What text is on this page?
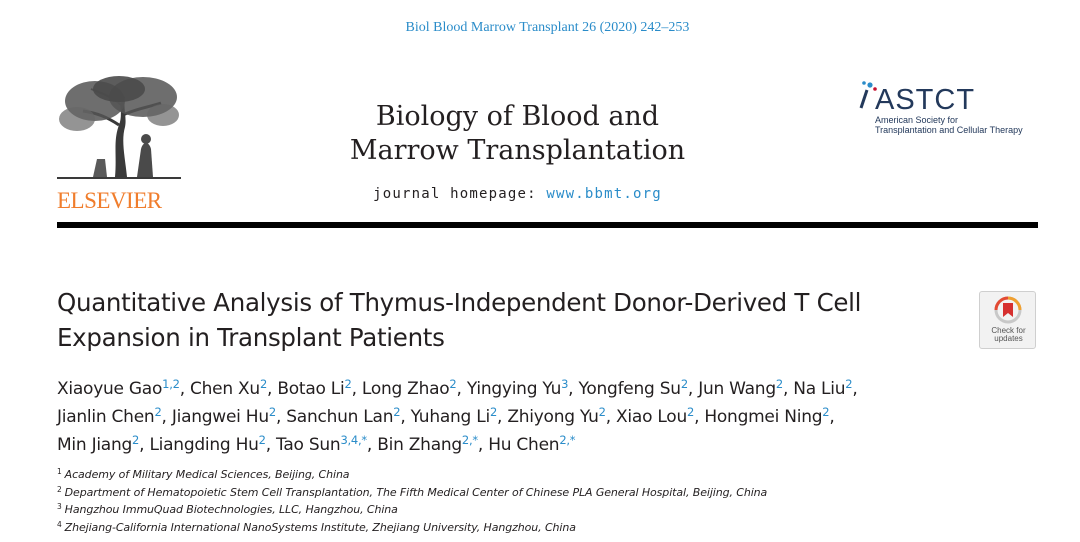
Biol Blood Marrow Transplant 26 (2020) 242–253
ELSEVIER
Biology of Blood and
Marrow Transplantation
journal homepage: www.bbmt.org
ASTCT
American Society for
Transplantation and Cellular Therapy
Quantitative Analysis of Thymus-Independent Donor-Derived T Cell
Expansion in Transplant Patients	Check for
updates
Xiaoyue Gao$^{1,2}$, Chen Xu$^2$, Botao Li$^2$, Long Zhao$^2$, Yingying Yu$^3$, Yongfeng Su$^2$, Jun Wang$^2$, Na Liu$^2$,
Jianlin Chen$^2$, Jiangwei Hu$^2$, Sanchun Lan$^2$, Yuhang Li$^2$, Zhiyong Yu$^2$, Xiao Lou$^2$, Hongmei Ning$^2$,
Min Jiang$^2$, Liangding Hu$^2$, Tao Sun$^{3,4,*}$, Bin Zhang$^{2,*}$, Hu Chen$^{2,*}$
$^1$ Academy of Military Medical Sciences, Beijing, China
$^2$ Department of Hematopoietic Stem Cell Transplantation, The Fifth Medical Center of Chinese PLA General Hospital, Beijing, China
$^3$ Hangzhou ImmuQuad Biotechnologies, LLC, Hangzhou, China
$^4$ Zhejiang-California International NanoSystems Institute, Zhejiang University, Hangzhou, China
